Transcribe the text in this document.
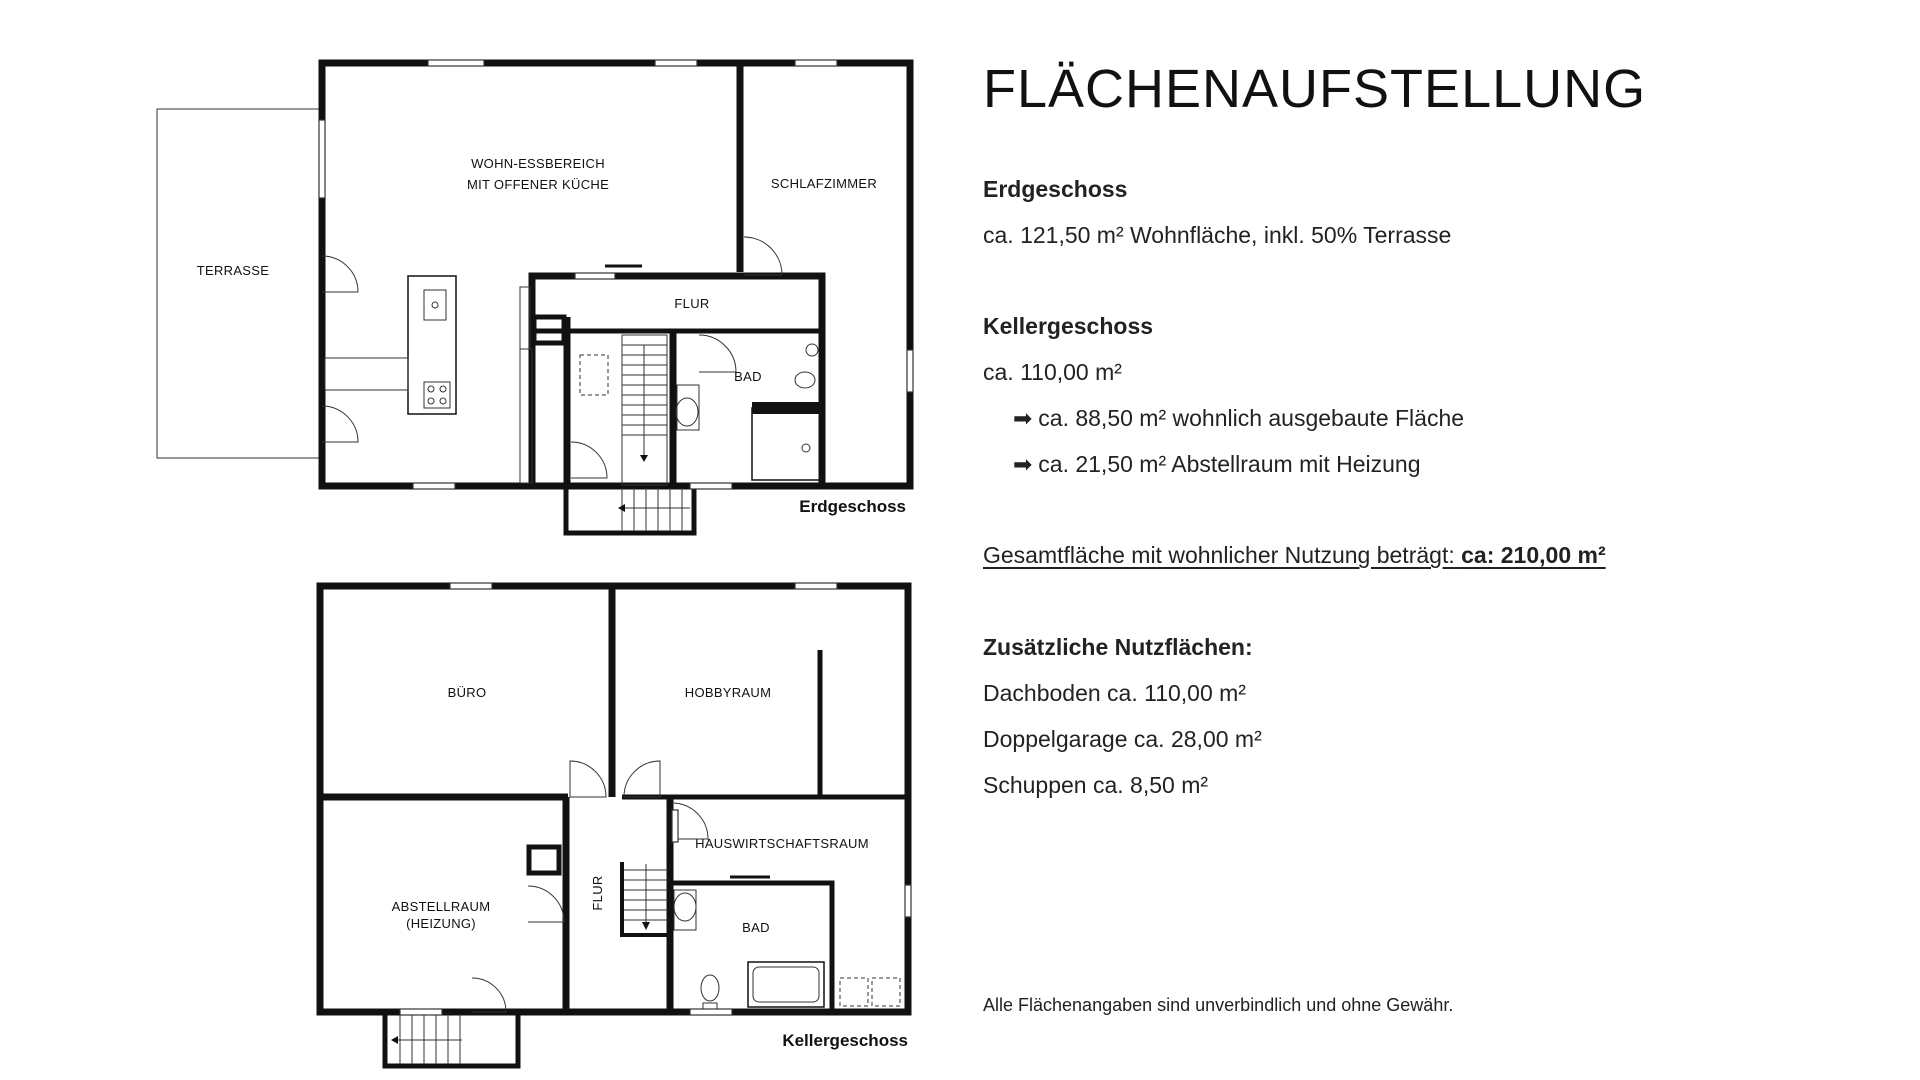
WOHN-ESSBEREICH
MIT OFFENER KÜCHE	SCHLAFZIMMER
TERRASSE
FLUR
BAD
Erdgeschoss
BÜRO	HOBBYRAUM
HAUSWIRTSCHAFTSRAUM
ABSTELLRAUM
(HEIZUNG)
FLUR
BAD
Kellergeschoss
FLÄCHENAUFSTELLUNG
Erdgeschoss
ca. 121,50 m² Wohnfläche, inkl. 50% Terrasse
Kellergeschoss
ca. 110,00 m²
➡ ca. 88,50 m² wohnlich ausgebaute Fläche
➡ ca. 21,50 m² Abstellraum mit Heizung
Gesamtfläche mit wohnlicher Nutzung beträgt: ca: 210,00 m²
Zusätzliche Nutzflächen:
Dachboden ca. 110,00 m²
Doppelgarage ca. 28,00 m²
Schuppen ca. 8,50 m²
Alle Flächenangaben sind unverbindlich und ohne Gewähr.
